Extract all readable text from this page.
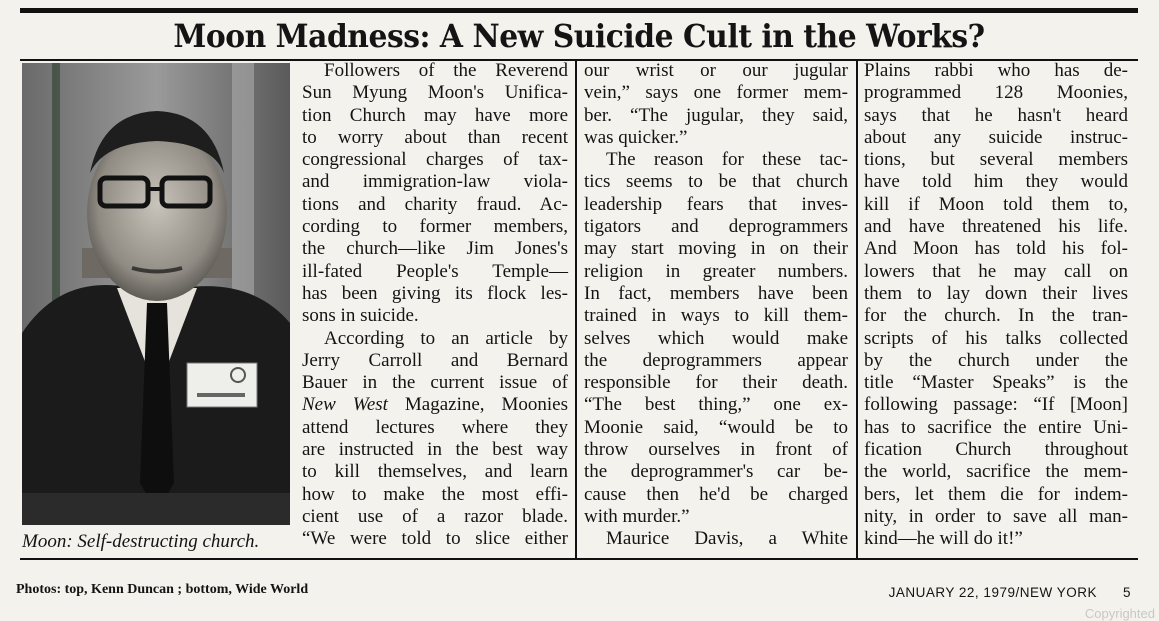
Moon Madness: A New Suicide Cult in the Works?
Moon: Self-destructing church.
Followers of the Reverend
Sun Myung Moon's Unifica-
tion Church may have more
to worry about than recent
congressional charges of tax-
and immigration-law viola-
tions and charity fraud. Ac-
cording to former members,
the church—like Jim Jones's
ill-fated People's Temple—
has been giving its flock les-
sons in suicide.
According to an article by
Jerry Carroll and Bernard
Bauer in the current issue of
New West Magazine, Moonies
attend lectures where they
are instructed in the best way
to kill themselves, and learn
how to make the most effi-
cient use of a razor blade.
“We were told to slice either
our wrist or our jugular
vein,” says one former mem-
ber. “The jugular, they said,
was quicker.”
The reason for these tac-
tics seems to be that church
leadership fears that inves-
tigators and deprogrammers
may start moving in on their
religion in greater numbers.
In fact, members have been
trained in ways to kill them-
selves which would make
the deprogrammers appear
responsible for their death.
“The best thing,” one ex-
Moonie said, “would be to
throw ourselves in front of
the deprogrammer's car be-
cause then he'd be charged
with murder.”
Maurice Davis, a White
Plains rabbi who has de-
programmed 128 Moonies,
says that he hasn't heard
about any suicide instruc-
tions, but several members
have told him they would
kill if Moon told them to,
and have threatened his life.
And Moon has told his fol-
lowers that he may call on
them to lay down their lives
for the church. In the tran-
scripts of his talks collected
by the church under the
title “Master Speaks” is the
following passage: “If [Moon]
has to sacrifice the entire Uni-
fication Church throughout
the world, sacrifice the mem-
bers, let them die for indem-
nity, in order to save all man-
kind—he will do it!”
Photos: top, Kenn Duncan ; bottom, Wide World	JANUARY 22, 1979/NEW YORK 5
Copyrighted
